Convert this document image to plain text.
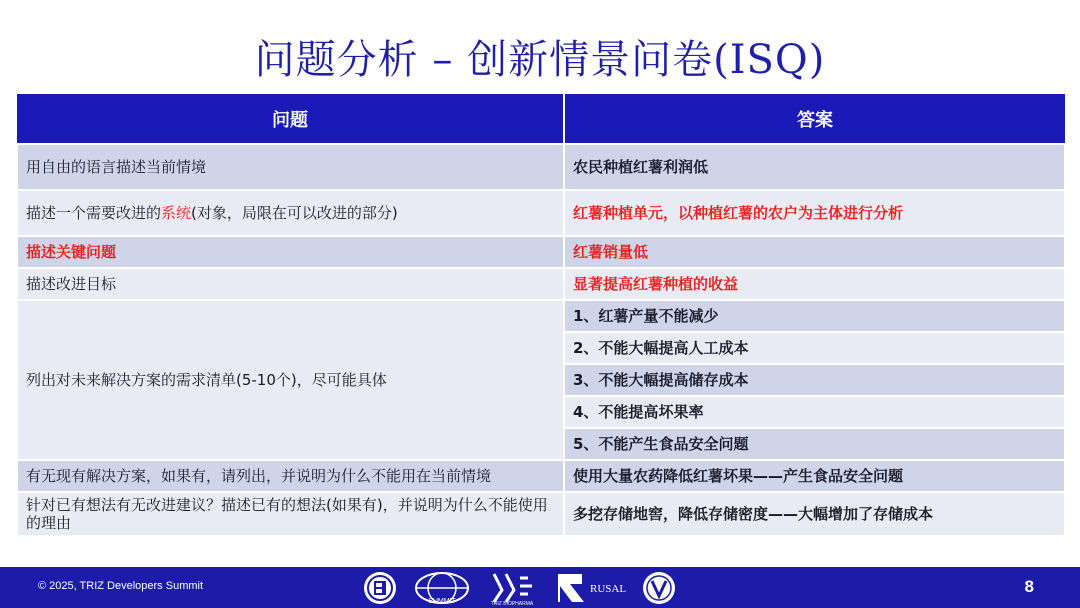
问题分析 – 创新情景问卷(ISQ)
问题	答案
用自由的语言描述当前情境	农民种植红薯利润低
描述一个需要改进的系统(对象，局限在可以改进的部分)	红薯种植单元，以种植红薯的农户为主体进行分析
描述关键问题	红薯销量低
描述改进目标	显著提高红薯种植的收益
列出对未来解决方案的需求清单(5-10个)，尽可能具体	1、红薯产量不能减少
	2、不能大幅提高人工成本
	3、不能大幅提高储存成本
	4、不能提高坏果率
	5、不能产生食品安全问题
有无现有解决方案，如果有，请列出，并说明为什么不能用在当前情境	使用大量农药降低红薯坏果——产生食品安全问题
针对已有想法有无改进建议？描述已有的想法(如果有)，并说明为什么不能使用的理由	多挖存储地窖，降低存储密度——大幅增加了存储成本
© 2025, TRIZ Developers Summit
SUMMIT	TRIZ BIOPHARMA
RUSAL	8
